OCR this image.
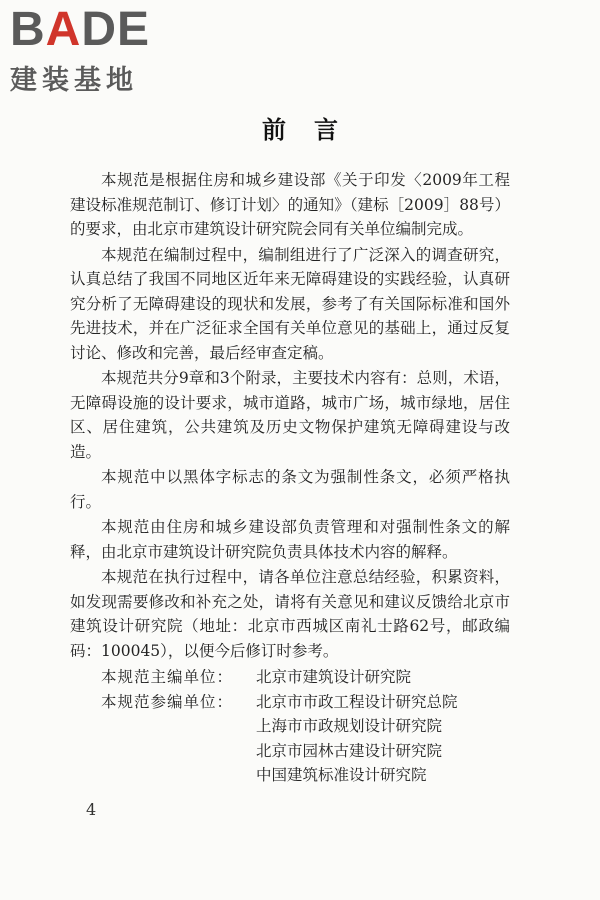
BADE
建装基地
前言

本规范是根据住房和城乡建设部《关于印发〈2009年工程建设标准规范制订、修订计划〉的通知》（建标［2009］88号）的要求，由北京市建筑设计研究院会同有关单位编制完成。

本规范在编制过程中，编制组进行了广泛深入的调查研究，认真总结了我国不同地区近年来无障碍建设的实践经验，认真研究分析了无障碍建设的现状和发展，参考了有关国际标准和国外先进技术，并在广泛征求全国有关单位意见的基础上，通过反复讨论、修改和完善，最后经审查定稿。

本规范共分9章和3个附录，主要技术内容有：总则，术语，无障碍设施的设计要求，城市道路，城市广场，城市绿地，居住区、居住建筑，公共建筑及历史文物保护建筑无障碍建设与改造。

本规范中以黑体字标志的条文为强制性条文，必须严格执行。

本规范由住房和城乡建设部负责管理和对强制性条文的解释，由北京市建筑设计研究院负责具体技术内容的解释。

本规范在执行过程中，请各单位注意总结经验，积累资料，如发现需要修改和补充之处，请将有关意见和建议反馈给北京市建筑设计研究院（地址：北京市西城区南礼士路62号，邮政编码：100045），以便今后修订时参考。

本规范主编单位：	北京市建筑设计研究院
本规范参编单位：	北京市市政工程设计研究总院
上海市市政规划设计研究院
北京市园林古建设计研究院
中国建筑标准设计研究院
4
